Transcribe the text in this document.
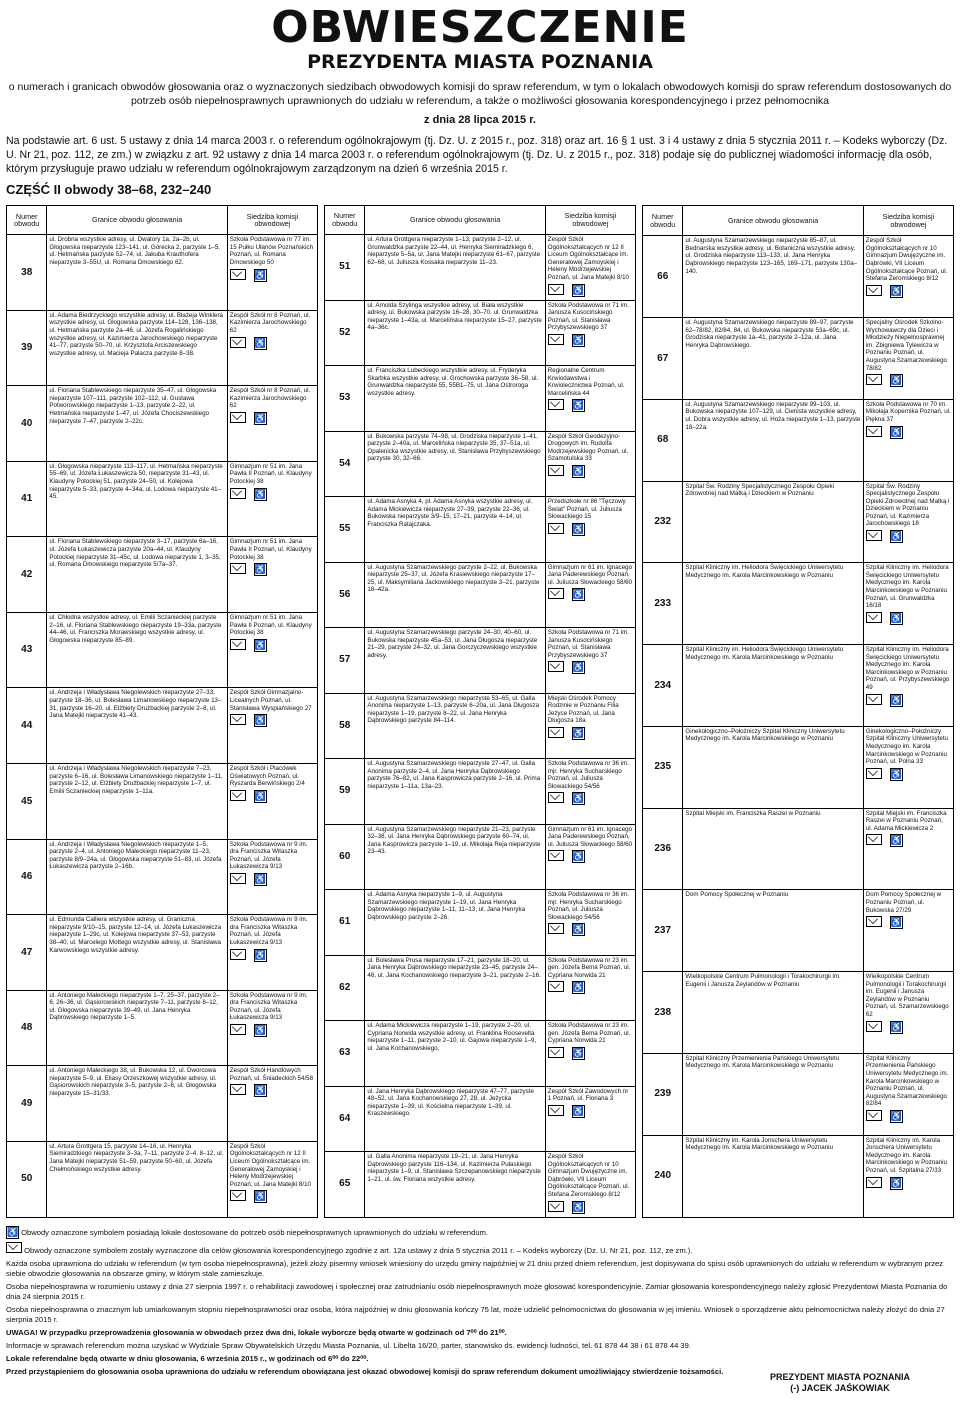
OBWIESZCZENIE
PREZYDENTA MIASTA POZNANIA
o numerach i granicach obwodów głosowania oraz o wyznaczonych siedzibach obwodowych komisji do spraw referendum, w tym o lokalach obwodowych komisji do spraw referendum dostosowanych do potrzeb osób niepełnosprawnych uprawnionych do udziału w referendum, a także o możliwości głosowania korespondencyjnego i przez pełnomocnika
z dnia 28 lipca 2015 r.
Na podstawie art. 6 ust. 5 ustawy z dnia 14 marca 2003 r. o referendum ogólnokrajowym (tj. Dz. U. z 2015 r., poz. 318) oraz art. 16 § 1 ust. 3 i 4 ustawy z dnia 5 stycznia 2011 r. – Kodeks wyborczy (Dz. U. Nr 21, poz. 112, ze zm.) w związku z art. 92 ustawy z dnia 14 marca 2003 r. o referendum ogólnokrajowym (tj. Dz. U. z 2015 r., poz. 318) podaje się do publicznej wiadomości informację dla osób, którym przysługuje prawo udziału w referendum ogólnokrajowym zarządzonym na dzień 6 września 2015 r.
CZĘŚĆ II obwody 38–68, 232–240
Numer obwodu	Granice obwodu głosowania	Siedziba komisji obwodowej
38	ul. Drobna wszystkie adresy, ul. Dwatory 1a, 2a–2b, ul. Głogowska nieparzyste 123–141, ul. Górecka 2, parzyste 1–5, ul. Hetmańska parzyste 52–74, ul. Jakuba Krauthofera nieparzyste 3–55U, ul. Romana Dmowskiego 62.	Szkoła Podstawowa nr 77 im. 15 Pułku Ułanów Poznańskich Poznań, ul. Romana Dmowskiego 50
♿

39	ul. Adama Biedrzyckiego wszystkie adresy, ul. Błażeja Winklera wszystkie adresy, ul. Głogowska parzyste 114–128, 136–138, ul. Hetmańska parzyste 2a–46, ul. Józefa Rogalińskiego wszystkie adresy, ul. Kazimierza Jarochowskiego nieparzyste 41–77, parzyste 50–70, ul. Krzysztofa Arciszewskiego wszystkie adresy, ul. Macieja Palacza parzyste 8–38.	Zespół Szkół nr 8 Poznań, ul. Kazimierza Jarochowskiego 62
♿

40	ul. Floriana Stablewskiego nieparzyste 35–47, ul. Głogowska nieparzyste 107–111, parzyste 102–112, ul. Gustawa Potworowskiego nieparzyste 1–13, parzyste 2–22, ul. Hetmańska nieparzyste 1–47, ul. Józefa Chociszewskiego nieparzyste 7–47, parzyste 2–22c.	Zespół Szkół nr 8 Poznań, ul. Kazimierza Jarochowskiego 62
♿

41	ul. Głogowska nieparzyste 113–117, ul. Hetmańska nieparzyste 55–69, ul. Józefa Łukaszewicza 50, nieparzyste 31–43, ul. Klaudyny Potockiej 51, parzyste 24–50, ul. Kolejowa nieparzyste 5–33, parzyste 4–34a, ul. Lodowa nieparzyste 41–45.	Gimnazjum nr 51 im. Jana Pawła II Poznań, ul. Klaudyny Potockiej 38
♿

42	ul. Floriana Stablewskiego nieparzyste 3–17, parzyste 6a–16, ul. Józefa Łukaszewicza parzyste 20a–44, ul. Klaudyny Potockiej nieparzyste 31–45c, ul. Lodowa nieparzyste 1, 3–35, ul. Romana Dmowskiego nieparzyste 5/7a–37.	Gimnazjum nr 51 im. Jana Pawła II Poznań, ul. Klaudyny Potockiej 38
♿

43	ul. Chłodna wszystkie adresy, ul. Emilii Sczanieckiej parzyste 2–16, ul. Floriana Stablewskiego nieparzyste 19–33a, parzyste 44–46, ul. Franciszka Morawskiego wszystkie adresy, ul. Głogowska nieparzyste 85–89.	Gimnazjum nr 51 im. Jana Pawła II Poznań, ul. Klaudyny Potockiej 38
♿

44	ul. Andrzeja i Władysława Niegolewskich nieparzyste 27–33, parzyste 18–36, ul. Bolesława Limanowskiego nieparzyste 13–31, parzyste 16–20, ul. Elżbiety Drużbackiej parzyste 2–8, ul. Jana Matejki nieparzyste 41–43.	Zespół Szkół Gimnazjalno-Licealnych Poznań, ul. Stanisława Wyspiańskiego 27
♿

45	ul. Andrzeja i Władysława Niegolewskich nieparzyste 7–23, parzyste 6–16, ul. Bolesława Limanowskiego nieparzyste 1–11, parzyste 2–12, ul. Elżbiety Drużbackiej nieparzyste 1–7, ul. Emilii Sczanieckiej nieparzyste 1–11a.	Zespół Szkół i Placówek Oświatowych Poznań, ul. Ryszarda Berwińskiego 2/4
♿

46	ul. Andrzeja i Władysława Niegolewskich nieparzyste 1–5, parzyste 2–4, ul. Antoniego Małeckiego nieparzyste 11–23, parzyste 8/9–24a, ul. Głogowska nieparzyste 51–83, ul. Józefa Łukaszewicza parzyste 2–16b.	Szkoła Podstawowa nr 9 im. dra Franciszka Witaszka Poznań, ul. Józefa Łukaszewicza 9/13
♿

47	ul. Edmunda Calliera wszystkie adresy, ul. Graniczna nieparzyste 9/10–15, parzyste 12–14, ul. Józefa Łukaszewicza nieparzyste 1–29c, ul. Kolejowa nieparzyste 37–53, parzyste 38–40, ul. Marcelego Mottego wszystkie adresy, ul. Stanisława Karwowskiego wszystkie adresy.	Szkoła Podstawowa nr 9 im. dra Franciszka Witaszka Poznań, ul. Józefa Łukaszewicza 9/13
♿

48	ul. Antoniego Małeckiego nieparzyste 1–7, 25–37, parzyste 2–6, 26–36, ul. Gąsiorowskich nieparzyste 7–11, parzyste 8–12, ul. Głogowska nieparzyste 39–49, ul. Jana Henryka Dąbrowskiego nieparzyste 1–5.	Szkoła Podstawowa nr 9 im. dra Franciszka Witaszka Poznań, ul. Józefa Łukaszewicza 9/13
♿

49	ul. Antoniego Małeckiego 38, ul. Bukowska 12, ul. Dworcowa nieparzyste 5–9, ul. Eliasy Orzeszkowej wszystkie adresy, ul. Gąsiorowskich nieparzyste 3–5, parzyste 2–6, ul. Głogowska nieparzyste 15–31/33.	Zespół Szkół Handlowych Poznań, ul. Śniadeckich 54/58
♿

50	ul. Artura Grottgera 15, parzyste 14–16, ul. Henryka Siemiradzkiego nieparzyste 3–3a, 7–11, parzyste 2–4, 8–12, ul. Jana Matejki nieparzyste 51–59, parzyste 50–60, ul. Józefa Chełmońskiego wszystkie adresy.	Zespół Szkół Ogólnokształcących nr 12 II Liceum Ogólnokształcące im. Generałowej Zamoyskiej i Heleny Modrzejewskiej Poznań, ul. Jana Matejki 8/10
♿
Numer obwodu	Granice obwodu głosowania	Siedziba komisji obwodowej
51	ul. Artura Grottgera nieparzyste 1–13, parzyste 2–12, ul. Grunwaldzka parzyste 22–44, ul. Henryka Siemiradzkiego 6, nieparzyste 5–5a, ul. Jana Matejki nieparzyste 61–67, parzyste 62–68, ul. Juliusza Kossaka nieparzyste 11–23.	Zespół Szkół Ogólnokształcących nr 12 II Liceum Ogólnokształcące im. Generałowej Zamoyskiej i Heleny Modrzejewskiej Poznań, ul. Jana Matejki 8/10
♿

52	ul. Arnolda Szylinga wszystkie adresy, ul. Biała wszystkie adresy, ul. Bukowska parzyste 16–28, 30–70, ul. Grunwaldzka nieparzyste 1–43a, ul. Marcelińska nieparzyste 15–27, parzyste 4a–36c.	Szkoła Podstawowa nr 71 im. Janusza Kusocińskiego Poznań, ul. Stanisława Przybyszewskiego 37
♿

53	ul. Franciszka Lubeckiego wszystkie adresy, ul. Fryderyka Skarbka wszystkie adresy, ul. Grochowska parzyste 36–58, ul. Grunwaldzka nieparzyste 55, 55B1–75, ul. Jana Ostroroga wszystkie adresy.	Regionalne Centrum Krwiodawstwa i Krwiolecznictwa Poznań, ul. Marcelińska 44
♿

54	ul. Bukowska parzyste 74–98, ul. Grodziska nieparzyste 1–41, parzyste 2–40a, ul. Marcelińska nieparzyste 35, 37–51a, ul. Opalenicka wszystkie adresy, ul. Stanisława Przybyszewskiego parzyste 30, 32–66.	Zespół Szkół Geodezyjno-Drogowych im. Rudolfa Modrzejewskiego Poznań, ul. Szamotulska 33
♿

55	ul. Adama Asnyka 4, pl. Adama Asnyka wszystkie adresy, ul. Adama Mickiewicza nieparzyste 27–39, parzyste 22–36, ul. Bukowska nieparzyste 3/9–15, 17–21, parzyste 4–14, ul. Franciszka Ratajczaka.	Przedszkole nr 86 "Tęczowy Świat" Poznań, ul. Juliusza Słowackiego 15
♿

56	ul. Augustyna Szamarzewskiego parzyste 2–22, ul. Bukowska nieparzyste 25–37, ul. Józefa Krasiewskiego nieparzyste 17–25, ul. Maksymiliana Jackowskiego nieparzyste 3–21, parzyste 18–42a.	Gimnazjum nr 61 im. Ignacego Jana Paderewskiego Poznań, ul. Juliusza Słowackiego 58/60
♿

57	ul. Augustyna Szamarzewskiego parzyste 24–30, 40–60, ul. Bukowska nieparzyste 45a–53, ul. Jana Długosza nieparzyste 21–29, parzyste 24–32, ul. Jana Gorczyczewskiego wszystkie adresy.	Szkoła Podstawowa nr 71 im. Janusza Kusocińskiego Poznań, ul. Stanisława Przybyszewskiego 37
♿

58	ul. Augustyna Szamarzewskiego nieparzyste 53–65, ul. Galla Anonima nieparzyste 1–13, parzyste 6–20a, ul. Jana Długosza nieparzyste 1–19, parzyste 8–22, ul. Jana Henryka Dąbrowskiego parzyste 84–114.	Miejski Ośrodek Pomocy Rodzinie w Poznaniu Filia Jeżyce Poznań, ul. Jana Długosza 18a
♿

59	ul. Augustyna Szamarzewskiego nieparzyste 27–47, ul. Galla Anonima parzyste 2–4, ul. Jana Henryka Dąbrowskiego parzyste 76–82, ul. Jana Kasprowicza parzyste 2–16, ul. Prima nieparzyste 1–11a, 13a–23.	Szkoła Podstawowa nr 36 im. mjr. Henryka Sucharskiego Poznań, ul. Juliusza Słowackiego 54/56
♿

60	ul. Augustyna Szamarzewskiego nieparzyste 21–23, parzyste 32–38, ul. Jana Henryka Dąbrowskiego parzyste 60–74, ul. Jana Kasprowicza parzyste 1–19, ul. Mikołaja Reja nieparzyste 23–43.	Gimnazjum nr 61 im. Ignacego Jana Paderewskiego Poznań, ul. Juliusza Słowackiego 58/60
♿

61	ul. Adama Asnyka nieparzyste 1–9, ul. Augustyna Szamarzewskiego nieparzyste 1–19, ul. Jana Henryka Dąbrowskiego nieparzyste 1–11, 11–13, ul. Jana Henryka Dąbrowskiego parzyste 2–26.	Szkoła Podstawowa nr 36 im. mjr. Henryka Sucharskiego Poznań, ul. Juliusza Słowackiego 54/56
♿

62	ul. Bolesława Prusa nieparzyste 17–21, parzyste 18–20, ul. Jana Henryka Dąbrowskiego nieparzyste 23–45, parzyste 24–46, ul. Jana Kochanowskiego nieparzyste 3–21, parzyste 2–16.	Szkoła Podstawowa nr 23 im. gen. Józefa Bema Poznań, ul. Cypriana Norwida 21
♿

63	ul. Adama Mickiewicza nieparzyste 1–19, parzyste 2–20, ul. Cypriana Norwida wszystkie adresy, ul. Franklina Roosevelta nieparzyste 1–11, parzyste 2–10, ul. Gajowa nieparzyste 1–9, ul. Jana Kochanowskiego.	Szkoła Podstawowa nr 23 im. gen. Józefa Bema Poznań, ul. Cypriana Norwida 21
♿

64	ul. Jana Henryka Dąbrowskiego nieparzyste 47–77, parzyste 48–52, ul. Jana Kochanowskiego 27, 28, ul. Jeżycka nieparzyste 1–39, ul. Kościelna nieparzyste 1–39, ul. Kraszewskiego.	Zespół Szkół Zawodowych nr 1 Poznań, ul. Floriana 3
♿

65	ul. Galla Anonima nieparzyste 19–21, ul. Jana Henryka Dąbrowskiego parzyste 116–134, ul. Kazimierza Pułaskiego nieparzyste 1–9, ul. Stanisława Szczepanowskiego nieparzyste 1–21, ul. św. Floriana wszystkie adresy.	Zespół Szkół Ogólnokształcących nr 10 Gimnazjum Dwujęzyczne im. Dąbrówki, VII Liceum Ogólnokształcące Poznań, ul. Stefana Żeromskiego 8/12
♿
Numer obwodu	Granice obwodu głosowania	Siedziba komisji obwodowej
66	ul. Augustyna Szamarzewskiego nieparzyste 85–87, ul. Bednarska wszystkie adresy, ul. Botaniczna wszystkie adresy, ul. Grodziska nieparzyste 113–133, ul. Jana Henryka Dąbrowskiego nieparzyste 123–165, 169–171, parzyste 130a–140.	Zespół Szkół Ogólnokształcących nr 10 Gimnazjum Dwujęzyczne im. Dąbrówki, VII Liceum Ogólnokształcące Poznań, ul. Stefana Żeromskiego 8/12
♿

67	ul. Augustyna Szamarzewskiego nieparzyste 89–97, parzyste 62–78/82, 82/84, 84, ul. Bukowska nieparzyste 53a–69c, ul. Grodziska nieparzyste 1a–41, parzyste 2–12a, ul. Jana Henryka Dąbrowskiego.	Specjalny Ośrodek Szkolno-Wychowawczy dla Dzieci i Młodzieży Niepełnosprawnej im. Zbigniewa Tylewicza w Poznaniu Poznań, ul. Augustyna Szamarzewskiego 78/82
♿

68	ul. Augustyna Szamarzewskiego nieparzyste 99–103, ul. Bukowska nieparzyste 107–129, ul. Cienista wszystkie adresy, ul. Dobra wszystkie adresy, ul. Hoża nieparzyste 1–13, parzyste 18–22a.	Szkoła Podstawowa nr 70 im. Mikołaja Kopernika Poznań, ul. Piękna 37
♿

232	Szpital Św. Rodziny Specjalistycznego Zespołu Opieki Zdrowotnej nad Matką i Dzieckiem w Poznaniu	Szpital Św. Rodziny Specjalistycznego Zespołu Opieki Zdrowotnej nad Matką i Dzieckiem w Poznaniu Poznań, ul. Kazimierza Jarochowskiego 18
♿

233	Szpital Kliniczny im. Heliodora Święcickiego Uniwersytetu Medycznego im. Karola Marcinkowskiego w Poznaniu	Szpital Kliniczny im. Heliodora Święcickiego Uniwersytetu Medycznego im. Karola Marcinkowskiego w Poznaniu Poznań, ul. Grunwaldzka 16/18
♿

234	Szpital Kliniczny im. Heliodora Święcickiego Uniwersytetu Medycznego im. Karola Marcinkowskiego w Poznaniu	Szpital Kliniczny im. Heliodora Święcickiego Uniwersytetu Medycznego im. Karola Marcinkowskiego w Poznaniu Poznań, ul. Przybyszewskiego 49
♿

235	Ginekologiczno–Położniczy Szpital Kliniczny Uniwersytetu Medycznego im. Karola Marcinkowskiego w Poznaniu	Ginekologiczno–Położniczy Szpital Kliniczny Uniwersytetu Medycznego im. Karola Marcinkowskiego w Poznaniu Poznań, ul. Polna 33
♿

236	Szpital Miejski im. Franciszka Raszei w Poznaniu	Szpital Miejski im. Franciszka Raszei w Poznaniu Poznań, ul. Adama Mickiewicza 2
♿

237	Dom Pomocy Społecznej w Poznaniu	Dom Pomocy Społecznej w Poznaniu Poznań, ul. Bukowska 27/29
♿

238	Wielkopolskie Centrum Pulmonologii i Torakochirurgii im. Eugenii i Janusza Zeylandów w Poznaniu	Wielkopolskie Centrum Pulmonologii i Torakochirurgii im. Eugenii i Janusza Zeylandów w Poznaniu Poznań, ul. Szamarzewskiego 62
♿

239	Szpital Kliniczny Przemienienia Pańskiego Uniwersytetu Medycznego im. Karola Marcinkowskiego w Poznaniu	Szpital Kliniczny Przemienienia Pańskiego Uniwersytetu Medycznego im. Karola Marcinkowskiego w Poznaniu Poznań, ul. Augustyna Szamarzewskiego 82/84
♿

240	Szpital Kliniczny im. Karola Jonschera Uniwersytetu Medycznego im. Karola Marcinkowskiego w Poznaniu	Szpital Kliniczny im. Karola Jonschera Uniwersytetu Medycznego im. Karola Marcinkowskiego w Poznaniu Poznań, ul. Szpitalna 27/33
♿

♿ Obwody oznaczone symbolem posiadają lokale dostosowane do potrzeb osób niepełnosprawnych uprawnionych do udziału w referendum.

Obwody oznaczone symbolem zostały wyznaczone dla celów głosowania korespondencyjnego zgodnie z art. 12a ustawy z dnia 5 stycznia 2011 r. – Kodeks wyborczy (Dz. U. Nr 21, poz. 112, ze zm.).

Każda osoba uprawniona do udziału w referendum (w tym osoba niepełnosprawna), jeżeli złoży pisemny wniosek wniesiony do urzędu gminy najpóźniej w 21 dniu przed dniem referendum, jest dopisywana do spisu osób uprawnionych do udziału w referendum w wybranym przez siebie obwodzie głosowania na obszarze gminy, w którym stale zamieszkuje.

Osoba niepełnosprawna w rozumieniu ustawy z dnia 27 sierpnia 1997 r. o rehabilitacji zawodowej i społecznej oraz zatrudnianiu osób niepełnosprawnych może głosować korespondencyjnie. Zamiar głosowania korespondencyjnego należy zgłosić Prezydentowi Miasta Poznania do dnia 24 sierpnia 2015 r.

Osoba niepełnosprawna o znacznym lub umiarkowanym stopniu niepełnosprawności oraz osoba, która najpóźniej w dniu głosowania kończy 75 lat, może udzielić pełnomocnictwa do głosowania w jej imieniu. Wniosek o sporządzenie aktu pełnomocnictwa należy złożyć do dnia 27 sierpnia 2015 r.

UWAGA! W przypadku przeprowadzenia głosowania w obwodach przez dwa dni, lokale wyborcze będą otwarte w godzinach od 7⁰⁰ do 21⁰⁰.

Informacje w sprawach referendum można uzyskać w Wydziale Spraw Obywatelskich Urzędu Miasta Poznania, ul. Libelta 16/20, parter, stanowisko ds. ewidencji ludności, tel. 61 878 44 38 i 61 878 44 39.

Lokale referendalne będą otwarte w dniu głosowania, 6 września 2015 r., w godzinach od 6⁰⁰ do 22⁰⁰.

Przed przystąpieniem do głosowania osoba uprawniona do udziału w referendum obowiązana jest okazać obwodowej komisji do spraw referendum dokument umożliwiający stwierdzenie tożsamości.

PREZYDENT MIASTA POZNANIA
(-) JACEK JAŚKOWIAK
